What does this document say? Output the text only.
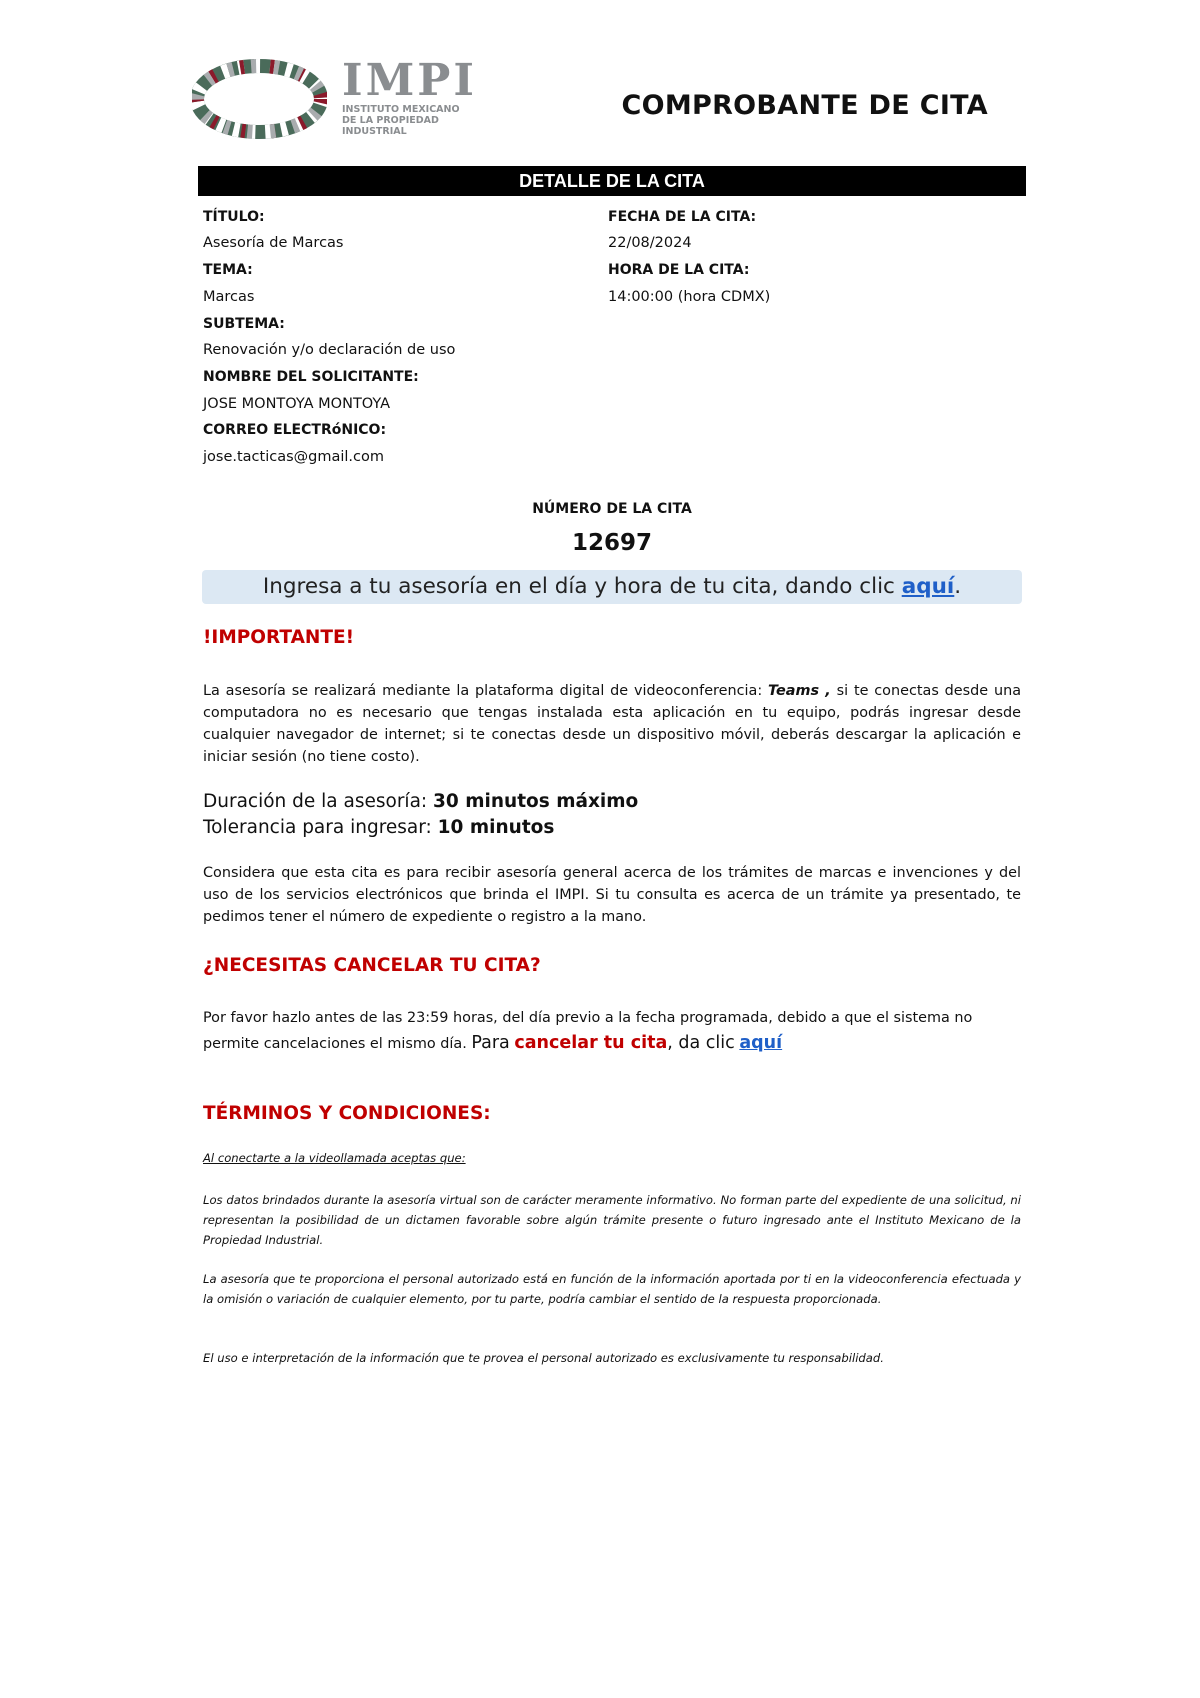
IMPI
INSTITUTO MEXICANO
DE LA PROPIEDAD
INDUSTRIAL
COMPROBANTE DE CITA
DETALLE DE LA CITA
TÍTULO:
Asesoría de Marcas
TEMA:
Marcas
SUBTEMA:
Renovación y/o declaración de uso
NOMBRE DEL SOLICITANTE:
JOSE MONTOYA MONTOYA
CORREO ELECTRóNICO:
jose.tacticas@gmail.com
FECHA DE LA CITA:
22/08/2024
HORA DE LA CITA:
14:00:00 (hora CDMX)
NÚMERO DE LA CITA
12697
Ingresa a tu asesoría en el día y hora de tu cita, dando clic aquí.
!IMPORTANTE!
La asesoría se realizará mediante la plataforma digital de videoconferencia: Teams , si te conectas desde una computadora no es necesario que tengas instalada esta aplicación en tu equipo, podrás ingresar desde cualquier navegador de internet; si te conectas desde un dispositivo móvil, deberás descargar la aplicación e iniciar sesión (no tiene costo).
Duración de la asesoría: 30 minutos máximo
Tolerancia para ingresar: 10 minutos
Considera que esta cita es para recibir asesoría general acerca de los trámites de marcas e invenciones y del uso de los servicios electrónicos que brinda el IMPI. Si tu consulta es acerca de un trámite ya presentado, te pedimos tener el número de expediente o registro a la mano.
¿NECESITAS CANCELAR TU CITA?
Por favor hazlo antes de las 23:59 horas, del día previo a la fecha programada, debido a que el sistema no
permite cancelaciones el mismo día. Para cancelar tu cita, da clic aquí
TÉRMINOS Y CONDICIONES:
Al conectarte a la videollamada aceptas que:
Los datos brindados durante la asesoría virtual son de carácter meramente informativo. No forman parte del expediente de una solicitud, ni representan la posibilidad de un dictamen favorable sobre algún trámite presente o futuro ingresado ante el Instituto Mexicano de la Propiedad Industrial.
La asesoría que te proporciona el personal autorizado está en función de la información aportada por ti en la videoconferencia efectuada y la omisión o variación de cualquier elemento, por tu parte, podría cambiar el sentido de la respuesta proporcionada.
El uso e interpretación de la información que te provea el personal autorizado es exclusivamente tu responsabilidad.
